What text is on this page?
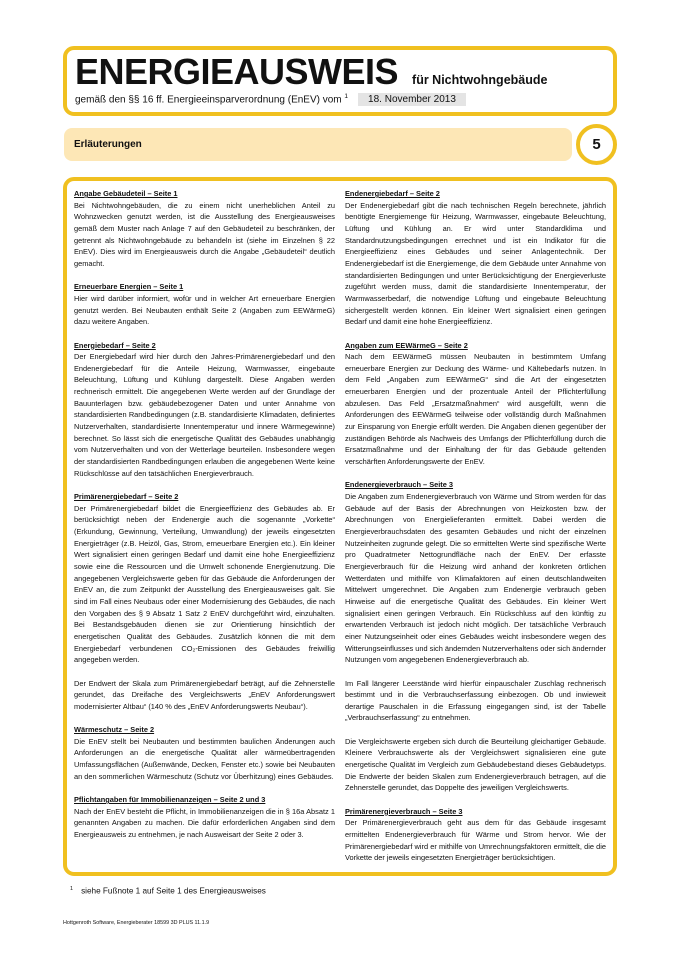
ENERGIEAUSWEIS für Nichtwohngebäude
gemäß den §§ 16 ff. Energieeinsparverordnung (EnEV) vom $^1$	18. November 2013
Erläuterungen	5
Angabe Gebäudeteil – Seite 1

Bei Nichtwohngebäuden, die zu einem nicht unerheblichen Anteil zu Wohnzwecken genutzt werden, ist die Ausstellung des Energieausweises gemäß dem Muster nach Anlage 7 auf den Gebäudeteil zu beschränken, der getrennt als Nichtwohngebäude zu behandeln ist (siehe im Einzelnen § 22 EnEV). Dies wird im Energieausweis durch die Angabe „Gebäudeteil“ deutlich gemacht.

Erneuerbare Energien – Seite 1

Hier wird darüber informiert, wofür und in welcher Art erneuerbare Energien genutzt werden. Bei Neubauten enthält Seite 2 (Angaben zum EEWärmeG) dazu weitere Angaben.

Energiebedarf – Seite 2

Der Energiebedarf wird hier durch den Jahres-Primärenergiebedarf und den Endenergiebedarf für die Anteile Heizung, Warmwasser, eingebaute Beleuchtung, Lüftung und Kühlung dargestellt. Diese Angaben werden rechnerisch ermittelt. Die angegebenen Werte werden auf der Grundlage der Bauunterlagen bzw. gebäudebezogener Daten und unter Annahme von standardisierten Randbedingungen (z.B. standardisierte Klimadaten, definiertes Nutzerverhalten, standardisierte Innentemperatur und innere Wärmegewinne) berechnet. So lässt sich die energetische Qualität des Gebäudes unabhängig vom Nutzerverhalten und von der Wetterlage beurteilen. Insbesondere wegen der standardisierten Randbedingungen erlauben die angegebenen Werte keine Rückschlüsse auf den tatsächlichen Energieverbrauch.

Primärenergiebedarf – Seite 2

Der Primärenergiebedarf bildet die Energieeffizienz des Gebäudes ab. Er berücksichtigt neben der Endenergie auch die sogenannte „Vorkette“ (Erkundung, Gewinnung, Verteilung, Umwandlung) der jeweils eingesetzten Energieträger (z.B. Heizöl, Gas, Strom, erneuerbare Energien etc.). Ein kleiner Wert signalisiert einen geringen Bedarf und damit eine hohe Energieeffizienz sowie eine die Ressourcen und die Umwelt schonende Energienutzung. Die angegebenen Vergleichswerte geben für das Gebäude die Anforderungen der EnEV an, die zum Zeitpunkt der Ausstellung des Energieausweises galt. Sie sind im Fall eines Neubaus oder einer Modernisierung des Gebäudes, die nach den Vorgaben des § 9 Absatz 1 Satz 2 EnEV durchgeführt wird, einzuhalten. Bei Bestandsgebäuden dienen sie zur Orientierung hinsichtlich der energetischen Qualität des Gebäudes. Zusätzlich können die mit dem Energiebedarf verbundenen CO₂-Emissionen des Gebäudes freiwillig angegeben werden.

Der Endwert der Skala zum Primärenergiebedarf beträgt, auf die Zehnerstelle gerundet, das Dreifache des Vergleichswerts „EnEV Anforderungswert modernisierter Altbau“ (140 % des „EnEV Anforderungswerts Neubau“).

Wärmeschutz – Seite 2

Die EnEV stellt bei Neubauten und bestimmten baulichen Änderungen auch Anforderungen an die energetische Qualität aller wärmeübertragenden Umfassungsflächen (Außenwände, Decken, Fenster etc.) sowie bei Neubauten an den sommerlichen Wärmeschutz (Schutz vor Überhitzung) eines Gebäudes.

Pflichtangaben für Immobilienanzeigen – Seite 2 und 3

Nach der EnEV besteht die Pflicht, in Immobilienanzeigen die in § 16a Absatz 1 genannten Angaben zu machen. Die dafür erforderlichen Angaben sind dem Energieausweis zu entnehmen, je nach Ausweisart der Seite 2 oder 3.

Endenergiebedarf – Seite 2

Der Endenergiebedarf gibt die nach technischen Regeln berechnete, jährlich benötigte Energiemenge für Heizung, Warmwasser, eingebaute Beleuchtung, Lüftung und Kühlung an. Er wird unter Standardklima und Standardnutzungsbedingungen errechnet und ist ein Indikator für die Energieeffizienz eines Gebäudes und seiner Anlagentechnik. Der Endenergiebedarf ist die Energiemenge, die dem Gebäude unter Annahme von standardisierten Bedingungen und unter Berücksichtigung der Energieverluste zugeführt werden muss, damit die standardisierte Innentemperatur, der Warmwasserbedarf, die notwendige Lüftung und eingebaute Beleuchtung sichergestellt werden können. Ein kleiner Wert signalisiert einen geringen Bedarf und damit eine hohe Energieeffizienz.

Angaben zum EEWärmeG – Seite 2

Nach dem EEWärmeG müssen Neubauten in bestimmtem Umfang erneuerbare Energien zur Deckung des Wärme- und Kältebedarfs nutzen. In dem Feld „Angaben zum EEWärmeG“ sind die Art der eingesetzten erneuerbaren Energien und der prozentuale Anteil der Pflichterfüllung abzulesen. Das Feld „Ersatzmaßnahmen“ wird ausgefüllt, wenn die Anforderungen des EEWärmeG teilweise oder vollständig durch Maßnahmen zur Einsparung von Energie erfüllt werden. Die Angaben dienen gegenüber der zuständigen Behörde als Nachweis des Umfangs der Pflichterfüllung durch die Ersatzmaßnahme und der Einhaltung der für das Gebäude geltenden verschärften Anforderungswerte der EnEV.

Endenergieverbrauch – Seite 3

Die Angaben zum Endenergieverbrauch von Wärme und Strom werden für das Gebäude auf der Basis der Abrechnungen von Heizkosten bzw. der Abrechnungen von Energielieferanten ermittelt. Dabei werden die Energieverbrauchsdaten des gesamten Gebäudes und nicht der einzelnen Nutzeinheiten zugrunde gelegt. Die so ermittelten Werte sind spezifische Werte pro Quadratmeter Nettogrundfläche nach der EnEV. Der erfasste Energieverbrauch für die Heizung wird anhand der konkreten örtlichen Wetterdaten und mithilfe von Klimafaktoren auf einen deutschlandweiten Mittelwert umgerechnet. Die Angaben zum Endenergie verbrauch geben Hinweise auf die energetische Qualität des Gebäudes. Ein kleiner Wert signalisiert einen geringen Verbrauch. Ein Rückschluss auf den künftig zu erwartenden Verbrauch ist jedoch nicht möglich. Der tatsächliche Verbrauch einer Nutzungseinheit oder eines Gebäudes weicht insbesondere wegen des Witterungseinflusses und sich ändernden Nutzerverhaltens oder sich ändernder Nutzungen vom angegebenen Endenergieverbrauch ab.

Im Fall längerer Leerstände wird hierfür einpauschaler Zuschlag rechnerisch bestimmt und in die Verbrauchserfassung einbezogen. Ob und inwieweit derartige Pauschalen in die Erfassung eingegangen sind, ist der Tabelle „Verbrauchserfassung“ zu entnehmen.

Die Vergleichswerte ergeben sich durch die Beurteilung gleichartiger Gebäude. Kleinere Verbrauchswerte als der Vergleichswert signalisieren eine gute energetische Qualität im Vergleich zum Gebäudebestand dieses Gebäudetyps. Die Endwerte der beiden Skalen zum Endenergieverbrauch betragen, auf die Zehnerstelle gerundet, das Doppelte des jeweiligen Vergleichswerts.

Primärenergieverbrauch – Seite 3

Der Primärenergieverbrauch geht aus dem für das Gebäude insgesamt ermittelten Endenergieverbrauch für Wärme und Strom hervor. Wie der Primärenergiebedarf wird er mithilfe von Umrechnungsfaktoren ermittelt, die die Vorkette der jeweils eingesetzten Energieträger berücksichtigen.

$^1$ siehe Fußnote 1 auf Seite 1 des Energieausweises
Hottgenroth Software, Energieberater 18599 3D PLUS 11.1.9
